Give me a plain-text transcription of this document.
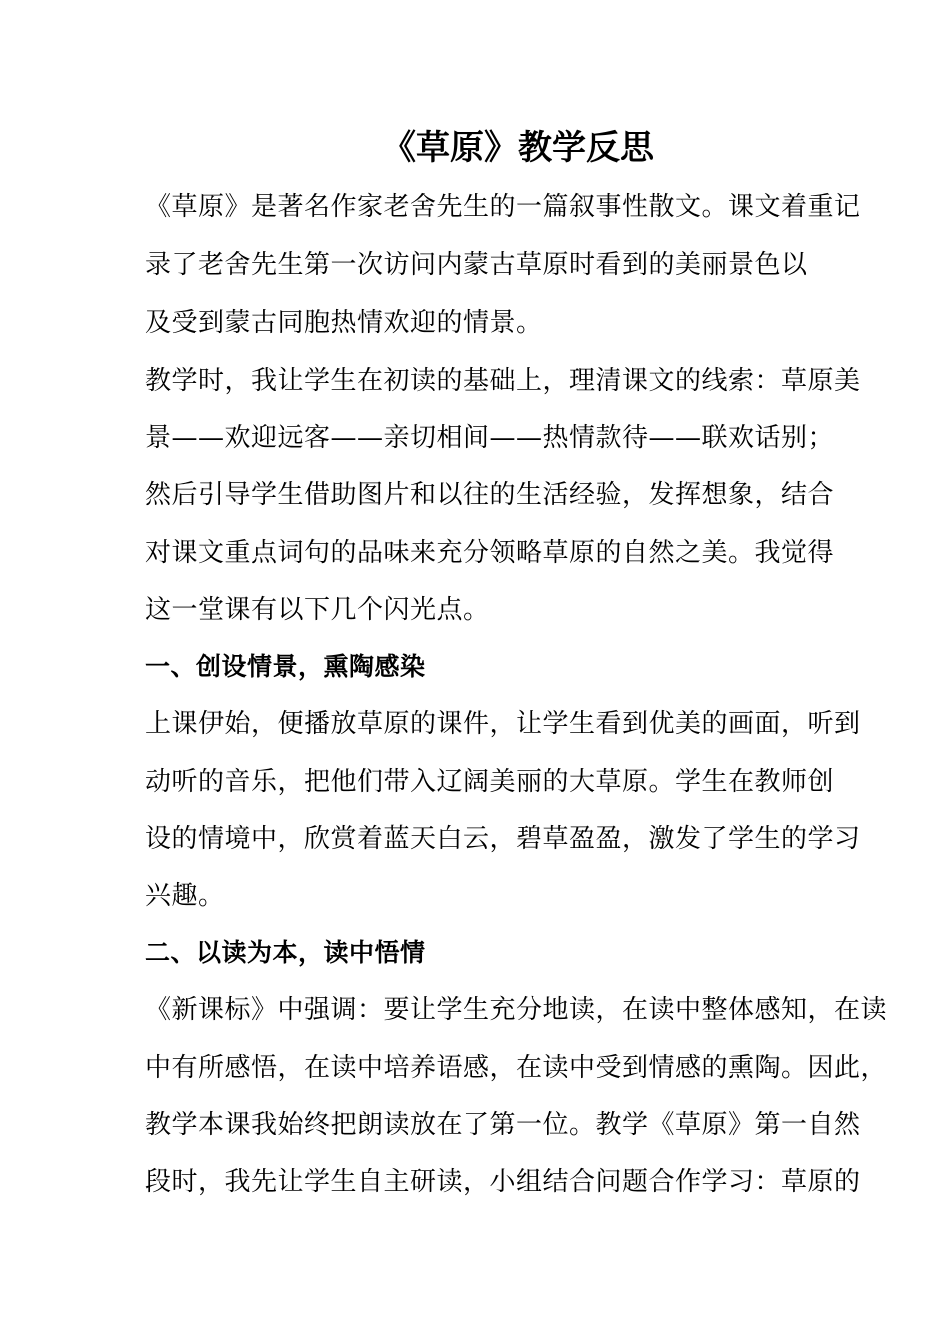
《草原》教学反思
《草原》是著名作家老舍先生的一篇叙事性散文。课文着重记
录了老舍先生第一次访问内蒙古草原时看到的美丽景色以
及受到蒙古同胞热情欢迎的情景。
教学时，我让学生在初读的基础上，理清课文的线索：草原美
景——欢迎远客——亲切相间——热情款待——联欢话别；
然后引导学生借助图片和以往的生活经验，发挥想象，结合
对课文重点词句的品味来充分领略草原的自然之美。我觉得
这一堂课有以下几个闪光点。
一、创设情景，熏陶感染
上课伊始，便播放草原的课件，让学生看到优美的画面，听到
动听的音乐，把他们带入辽阔美丽的大草原。学生在教师创
设的情境中，欣赏着蓝天白云，碧草盈盈，激发了学生的学习
兴趣。
二、以读为本，读中悟情
《新课标》中强调：要让学生充分地读，在读中整体感知，在读
中有所感悟，在读中培养语感，在读中受到情感的熏陶。因此，
教学本课我始终把朗读放在了第一位。教学《草原》第一自然
段时，我先让学生自主研读，小组结合问题合作学习：草原的
